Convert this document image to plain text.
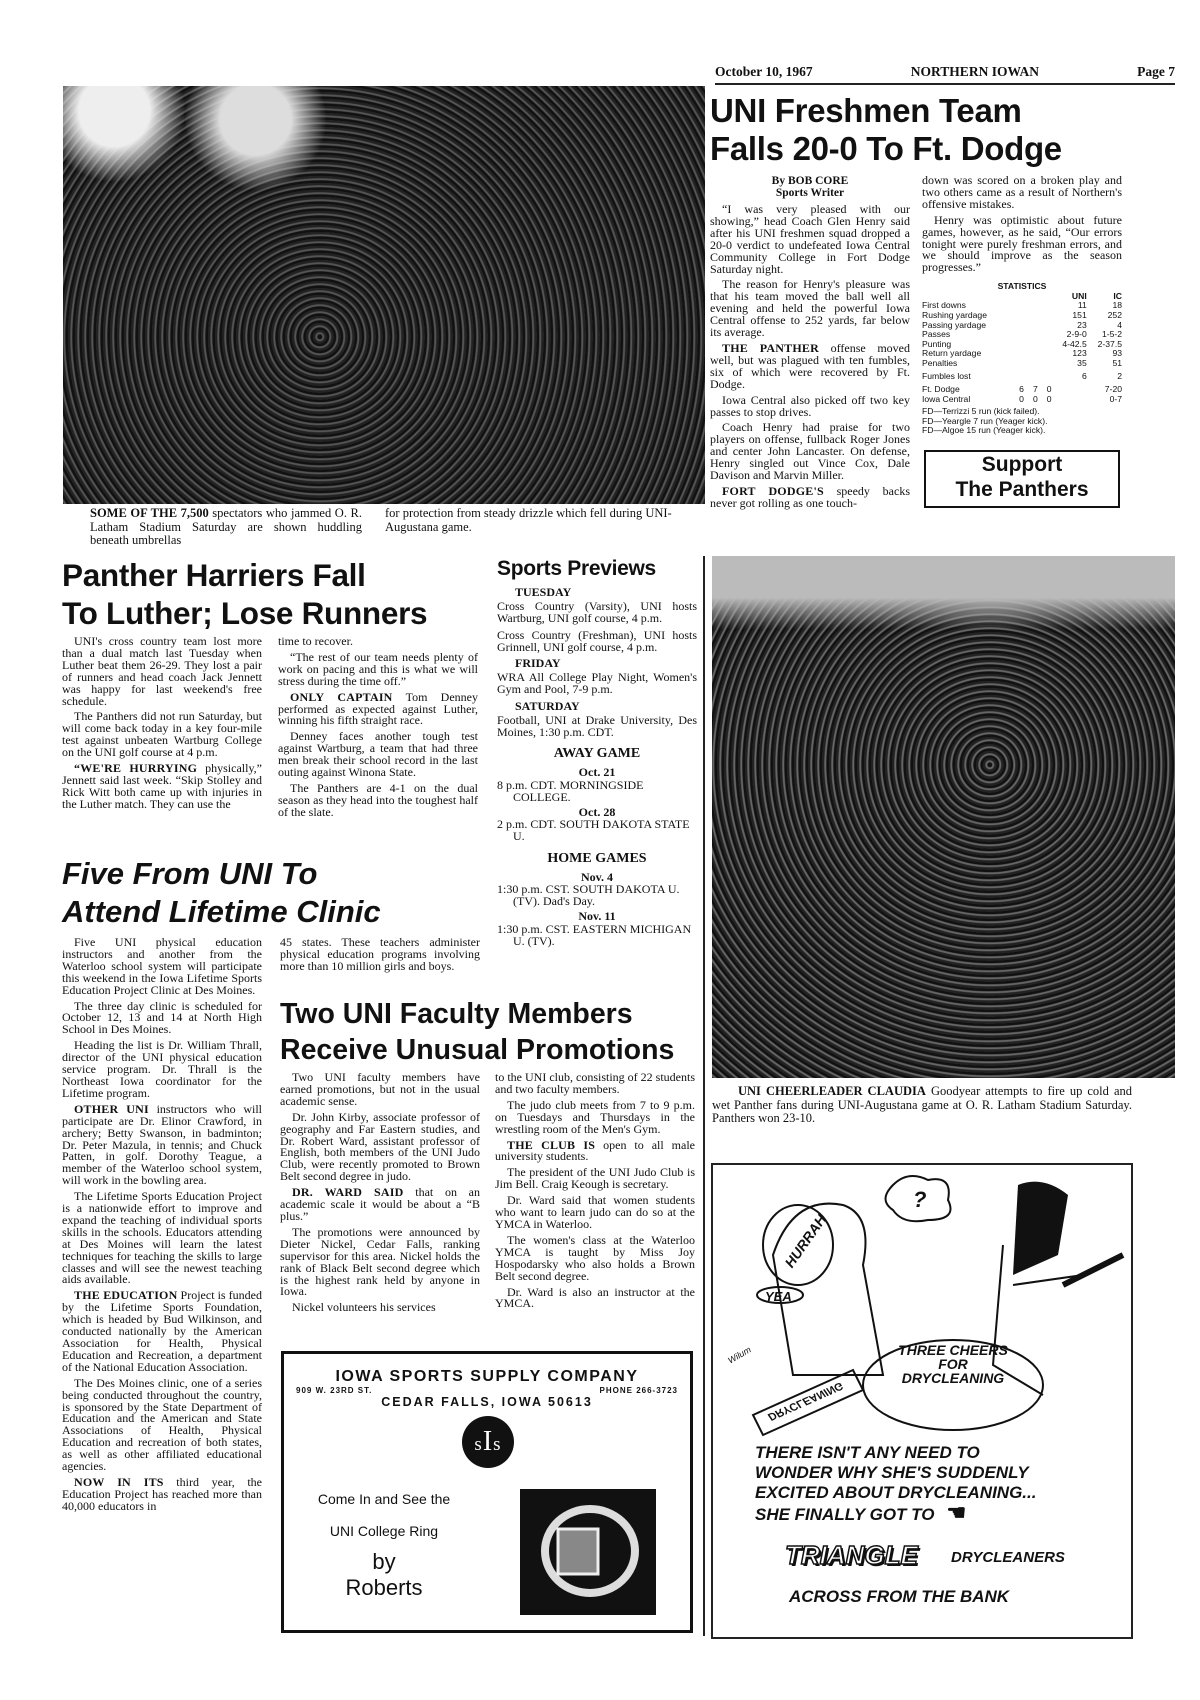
October 10, 1967	NORTHERN IOWAN	Page 7
SOME OF THE 7,500 spectators who jammed O. R. Latham Stadium Saturday are shown huddling beneath umbrellas
for protection from steady drizzle which fell during UNI-Augustana game.
UNI Freshmen Team
Falls 20-0 To Ft. Dodge
By BOB CORE
Sports Writer

“I was very pleased with our showing,” head Coach Glen Henry said after his UNI freshmen squad dropped a 20-0 verdict to undefeated Iowa Central Community College in Fort Dodge Saturday night.

The reason for Henry's pleasure was that his team moved the ball well all evening and held the powerful Iowa Central offense to 252 yards, far below its average.

THE PANTHER offense moved well, but was plagued with ten fumbles, six of which were recovered by Ft. Dodge.

Iowa Central also picked off two key passes to stop drives.

Coach Henry had praise for two players on offense, fullback Roger Jones and center John Lancaster. On defense, Henry singled out Vince Cox, Dale Davison and Marvin Miller.

FORT DODGE'S speedy backs never got rolling as one touch-

down was scored on a broken play and two others came as a result of Northern's offensive mistakes.

Henry was optimistic about future games, however, as he said, “Our errors tonight were purely freshman errors, and we should improve as the season progresses.”

STATISTICS
			UNI	IC
First downs			11	18
Rushing yardage			151	252
Passing yardage			23	4
Passes			2-9-0	1-5-2
Punting			4-42.5	2-37.5
Return yardage			123	93
Penalties			35	51
Fumbles lost			6	2
Ft. Dodge	6 7 0			7-20
Iowa Central	0 0 0			0-7
FD—Terrizzi 5 run (kick failed).
FD—Yeargle 7 run (Yeager kick).
FD—Algoe 15 run (Yeager kick).
Support
The Panthers
Panther Harriers Fall
To Luther; Lose Runners

UNI's cross country team lost more than a dual match last Tuesday when Luther beat them 26-29. They lost a pair of runners and head coach Jack Jennett was happy for last weekend's free schedule.

The Panthers did not run Saturday, but will come back today in a key four-mile test against unbeaten Wartburg College on the UNI golf course at 4 p.m.

“WE'RE HURRYING physically,” Jennett said last week. “Skip Stolley and Rick Witt both came up with injuries in the Luther match. They can use the

time to recover.

“The rest of our team needs plenty of work on pacing and this is what we will stress during the time off.”

ONLY CAPTAIN Tom Denney performed as expected against Luther, winning his fifth straight race.

Denney faces another tough test against Wartburg, a team that had three men break their school record in the last outing against Winona State.

The Panthers are 4-1 on the dual season as they head into the toughest half of the slate.

Sports Previews
TUESDAY
Cross Country (Varsity), UNI hosts Wartburg, UNI golf course, 4 p.m.
Cross Country (Freshman), UNI hosts Grinnell, UNI golf course, 4 p.m.
FRIDAY
WRA All College Play Night, Women's Gym and Pool, 7-9 p.m.
SATURDAY
Football, UNI at Drake University, Des Moines, 1:30 p.m. CDT.
AWAY GAME
Oct. 21
8 p.m. CDT. MORNINGSIDE COLLEGE.
Oct. 28
2 p.m. CDT. SOUTH DAKOTA STATE U.
HOME GAMES
Nov. 4
1:30 p.m. CST. SOUTH DAKOTA U. (TV). Dad's Day.
Nov. 11
1:30 p.m. CST. EASTERN MICHIGAN U. (TV).
Five From UNI To
Attend Lifetime Clinic

Five UNI physical education instructors and another from the Waterloo school system will participate this weekend in the Iowa Lifetime Sports Education Project Clinic at Des Moines.

The three day clinic is scheduled for October 12, 13 and 14 at North High School in Des Moines.

Heading the list is Dr. William Thrall, director of the UNI physical education service program. Dr. Thrall is the Northeast Iowa coordinator for the Lifetime program.

OTHER UNI instructors who will participate are Dr. Elinor Crawford, in archery; Betty Swanson, in badminton; Dr. Peter Mazula, in tennis; and Chuck Patten, in golf. Dorothy Teague, a member of the Waterloo school system, will work in the bowling area.

The Lifetime Sports Education Project is a nationwide effort to improve and expand the teaching of individual sports skills in the schools. Educators attending at Des Moines will learn the latest techniques for teaching the skills to large classes and will see the newest teaching aids available.

THE EDUCATION Project is funded by the Lifetime Sports Foundation, which is headed by Bud Wilkinson, and conducted nationally by the American Association for Health, Physical Education and Recreation, a department of the National Education Association.

The Des Moines clinic, one of a series being conducted throughout the country, is sponsored by the State Department of Education and the American and State Associations of Health, Physical Education and recreation of both states, as well as other affiliated educational agencies.

NOW IN ITS third year, the Education Project has reached more than 40,000 educators in

45 states. These teachers administer physical education programs involving more than 10 million girls and boys.

Two UNI Faculty Members
Receive Unusual Promotions

Two UNI faculty members have earned promotions, but not in the usual academic sense.

Dr. John Kirby, associate professor of geography and Far Eastern studies, and Dr. Robert Ward, assistant professor of English, both members of the UNI Judo Club, were recently promoted to Brown Belt second degree in judo.

DR. WARD SAID that on an academic scale it would be about a “B plus.”

The promotions were announced by Dieter Nickel, Cedar Falls, ranking supervisor for this area. Nickel holds the rank of Black Belt second degree which is the highest rank held by anyone in Iowa.

Nickel volunteers his services

to the UNI club, consisting of 22 students and two faculty members.

The judo club meets from 7 to 9 p.m. on Tuesdays and Thursdays in the wrestling room of the Men's Gym.

THE CLUB IS open to all male university students.

The president of the UNI Judo Club is Jim Bell. Craig Keough is secretary.

Dr. Ward said that women students who want to learn judo can do so at the YMCA in Waterloo.

The women's class at the Waterloo YMCA is taught by Miss Joy Hospodarsky who also holds a Brown Belt second degree.

Dr. Ward is also an instructor at the YMCA.

IOWA SPORTS SUPPLY COMPANY
909 W. 23RD ST.	PHONE 266-3723
CEDAR FALLS, IOWA 50613
sIs
Come In and See the
UNI College Ring
by
Roberts
UNI CHEERLEADER CLAUDIA Goodyear attempts to fire up cold and wet Panther fans during UNI-Augustana game at O. R. Latham Stadium Saturday. Panthers won 23-10.
?
HURRAH
YEA
THREE CHEERS FOR DRYCLEANING
DRYCLEANING
Wilum
THERE ISN'T ANY NEED TO
WONDER WHY SHE'S SUDDENLY
EXCITED ABOUT DRYCLEANING...
SHE FINALLY GOT TO ☚
TRIANGLE DRYCLEANERS
ACROSS FROM THE BANK
